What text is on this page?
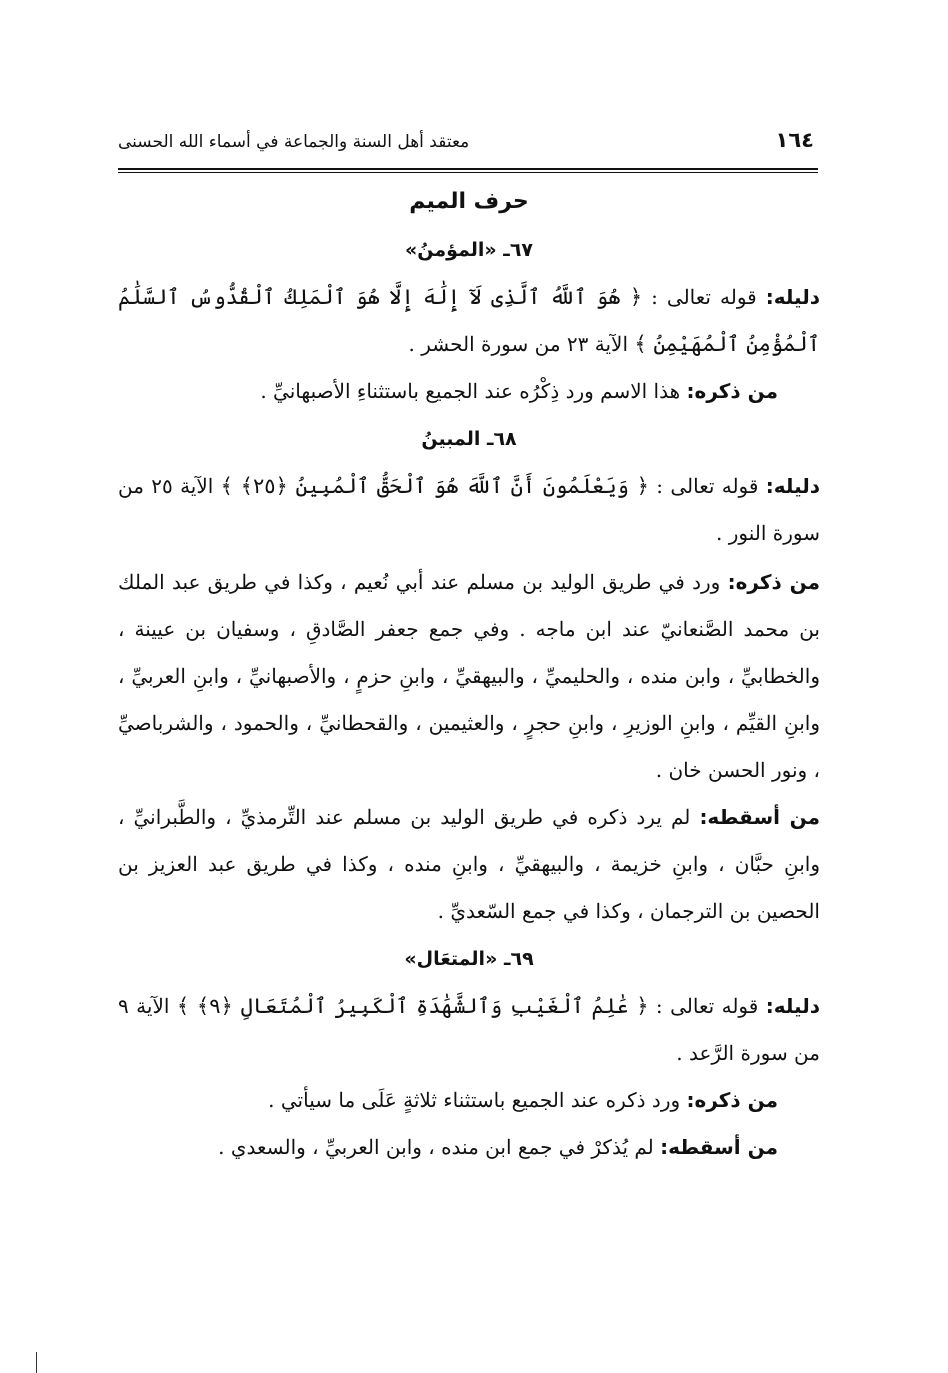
معتقد أهل السنة والجماعة في أسماء الله الحسنى	١٦٤
حرف الميم
٦٧ـ «المؤمنُ»

دليله: قوله تعالى : ﴿ هُوَ ٱللَّهُ ٱلَّذِى لَآ إِلَٰهَ إِلَّا هُوَ ٱلْمَلِكُ ٱلْقُدُّوسُ ٱلسَّلَٰمُ ٱلْمُؤْمِنُ ٱلْمُهَيْمِنُ ﴾ الآية ٢٣ من سورة الحشر .

من ذكره: هذا الاسم ورد ذِكْرُه عند الجميع باستثناءِ الأصبهانيِّ .

٦٨ـ المبينُ

دليله: قوله تعالى : ﴿ وَيَعْلَمُونَ أَنَّ ٱللَّهَ هُوَ ٱلْحَقُّ ٱلْمُبِينُ ﴿٢٥﴾ ﴾ الآية ٢٥ من سورة النور .

من ذكره: ورد في طريق الوليد بن مسلم عند أبي نُعيم ، وكذا في طريق عبد الملك بن محمد الصَّنعانيّ عند ابن ماجه . وفي جمع جعفر الصَّادقِ ، وسفيان بن عيينة ، والخطابيِّ ، وابن منده ، والحليميِّ ، والبيهقيِّ ، وابنِ حزمٍ ، والأصبهانيِّ ، وابنِ العربيِّ ، وابنِ القيِّم ، وابنِ الوزيرِ ، وابنِ حجرٍ ، والعثيمين ، والقحطانيِّ ، والحمود ، والشرباصيِّ ، ونور الحسن خان .

من أسقطه: لم يرد ذكره في طريق الوليد بن مسلم عند التِّرمذيِّ ، والطَّبرانيِّ ، وابنِ حبَّان ، وابنِ خزيمة ، والبيهقيِّ ، وابنِ منده ، وكذا في طريق عبد العزيز بن الحصين بن الترجمان ، وكذا في جمع السّعديِّ .

٦٩ـ «المتعَال»

دليله: قوله تعالى : ﴿ عَٰلِمُ ٱلْغَيْبِ وَٱلشَّهَٰدَةِ ٱلْكَبِيرُ ٱلْمُتَعَالِ ﴿٩﴾ ﴾ الآية ٩ من سورة الرَّعد .

من ذكره: ورد ذكره عند الجميع باستثناء ثلاثةٍ عَلَى ما سيأتي .

من أسقطه: لم يُذكرْ في جمع ابن منده ، وابن العربيِّ ، والسعدي .
